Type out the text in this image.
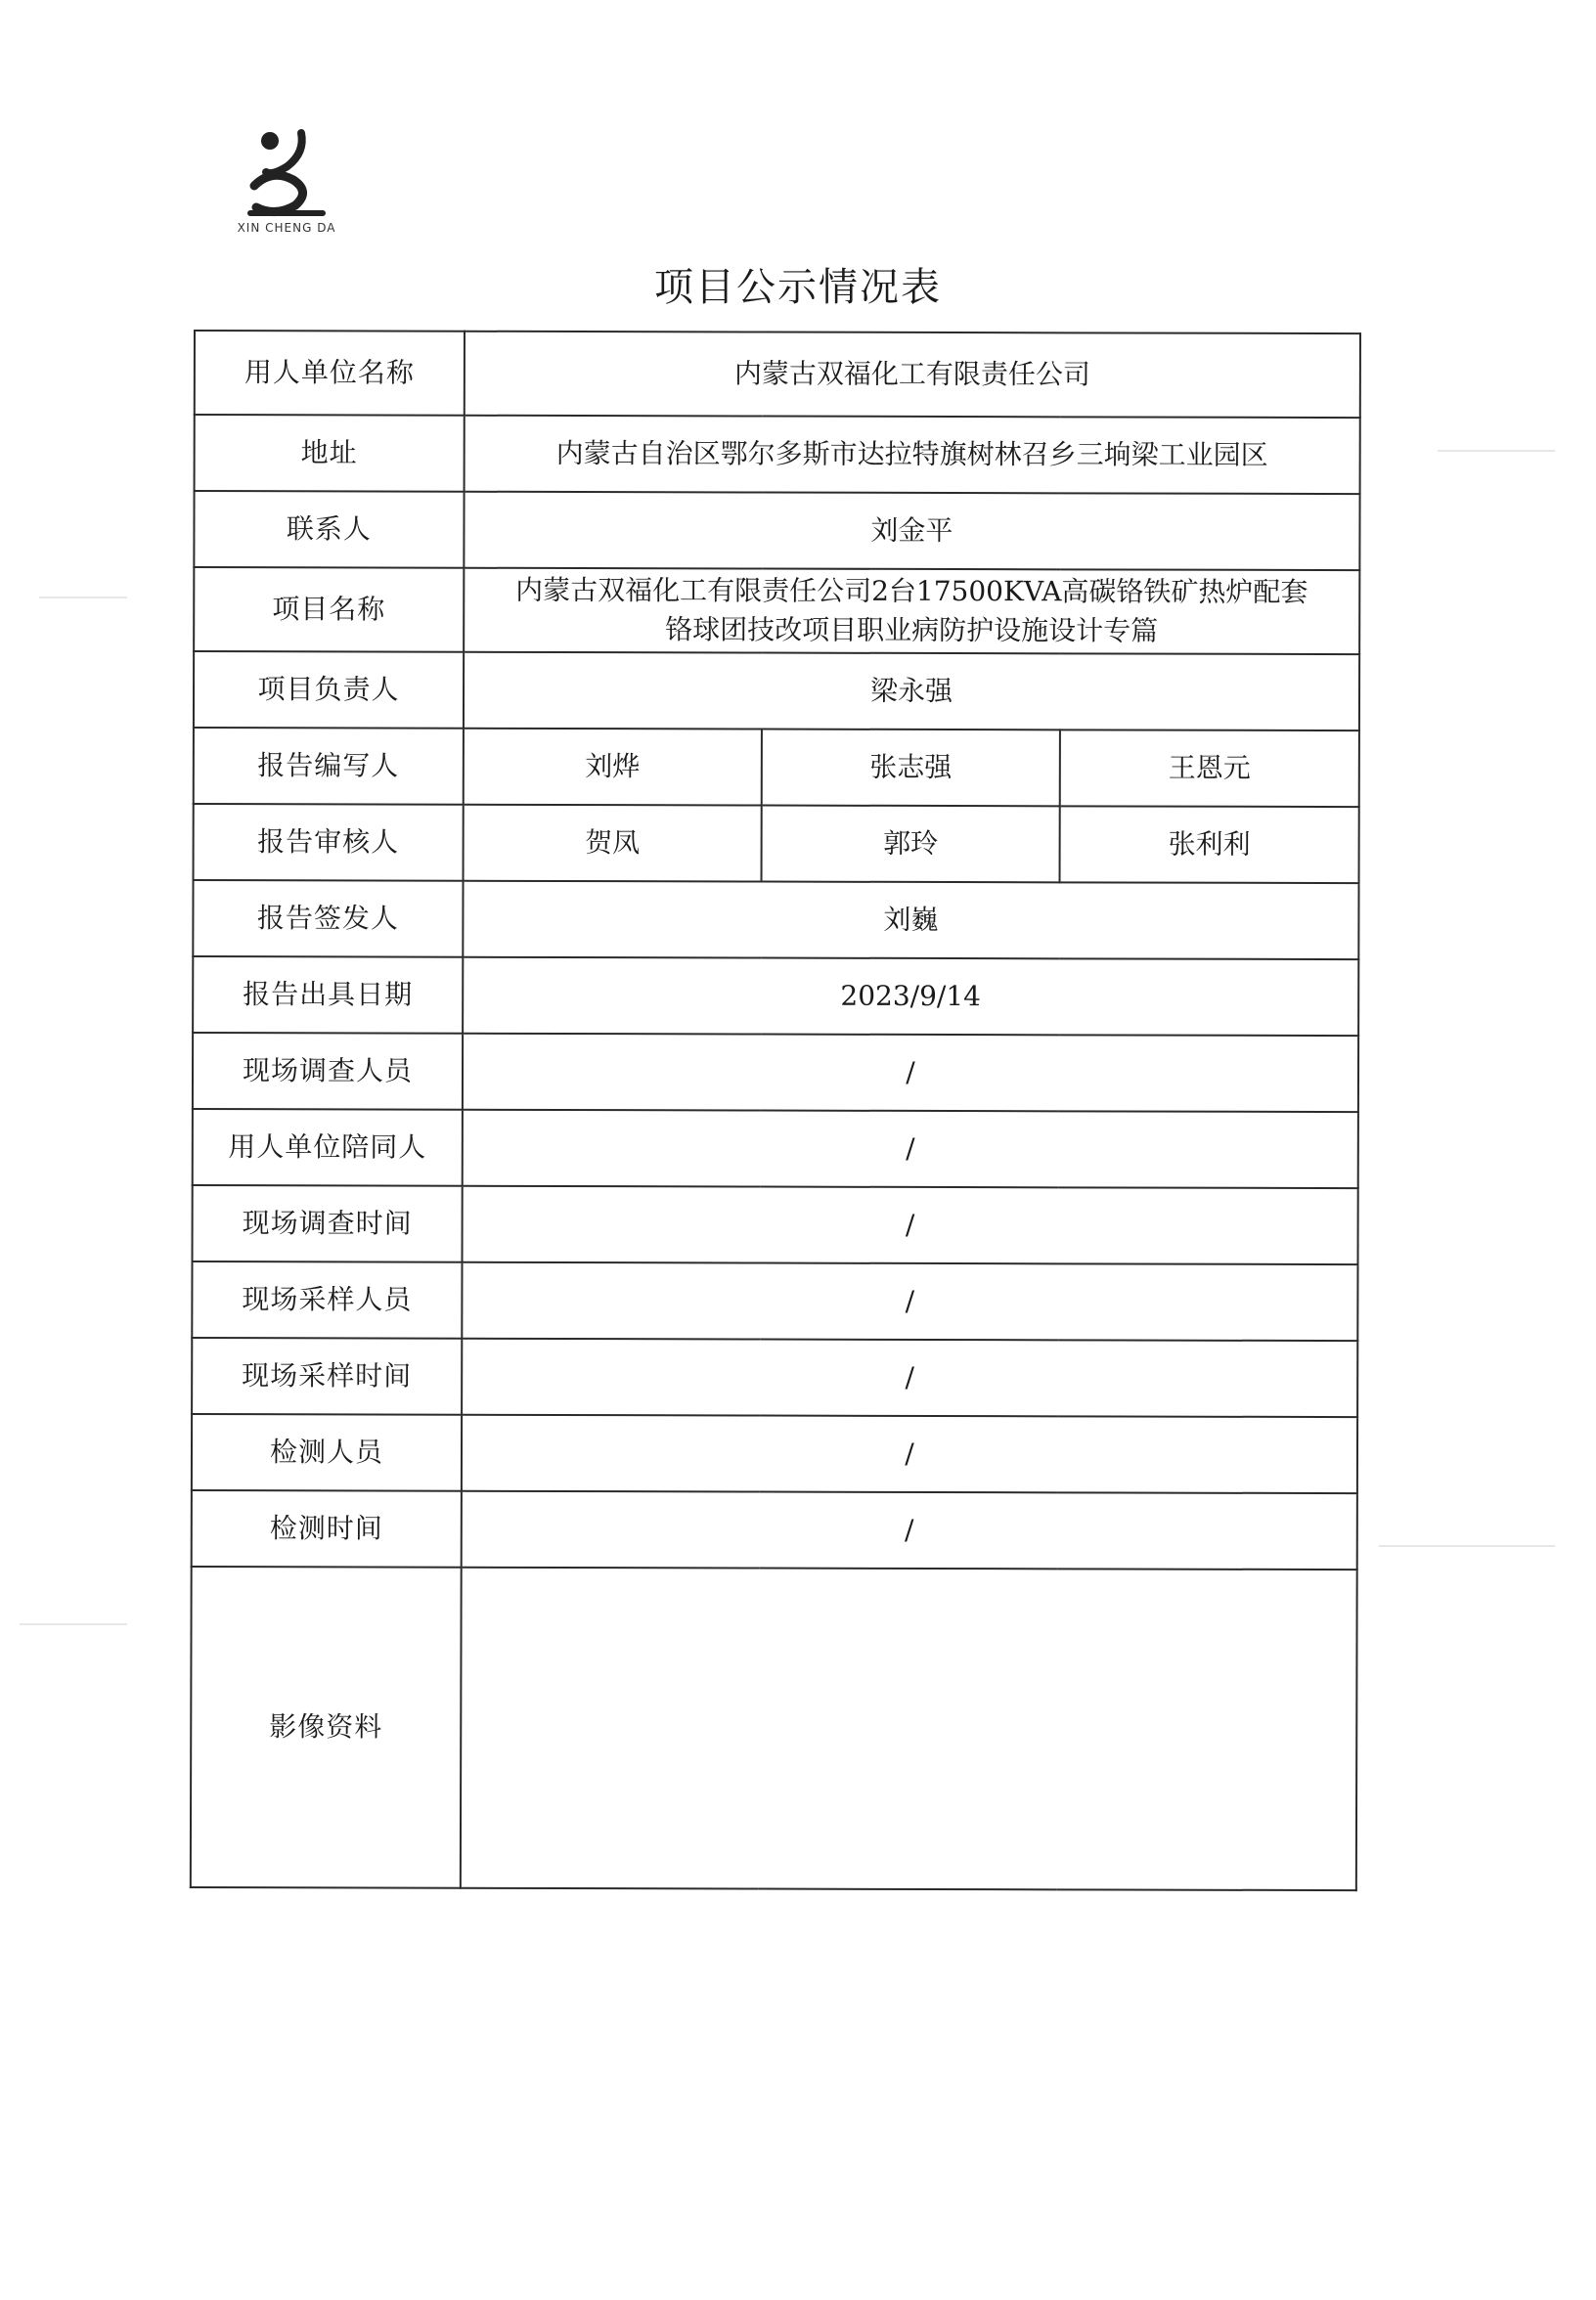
XIN CHENG DA
项目公示情况表
用人单位名称	内蒙古双福化工有限责任公司		
地址	内蒙古自治区鄂尔多斯市达拉特旗树林召乡三垧梁工业园区		
联系人	刘金平		
项目名称	内蒙古双福化工有限责任公司2台17500KVA高碳铬铁矿热炉配套
铬球团技改项目职业病防护设施设计专篇		

项目负责人	梁永强		
报告编写人	刘烨	张志强	王恩元
报告审核人	贺凤	郭玲	张利利
报告签发人	刘巍		
报告出具日期	2023/9/14		
现场调查人员	/		
用人单位陪同人	/		
现场调查时间	/		
现场采样人员	/		
现场采样时间	/		
检测人员	/		
检测时间	/		
影像资料			
